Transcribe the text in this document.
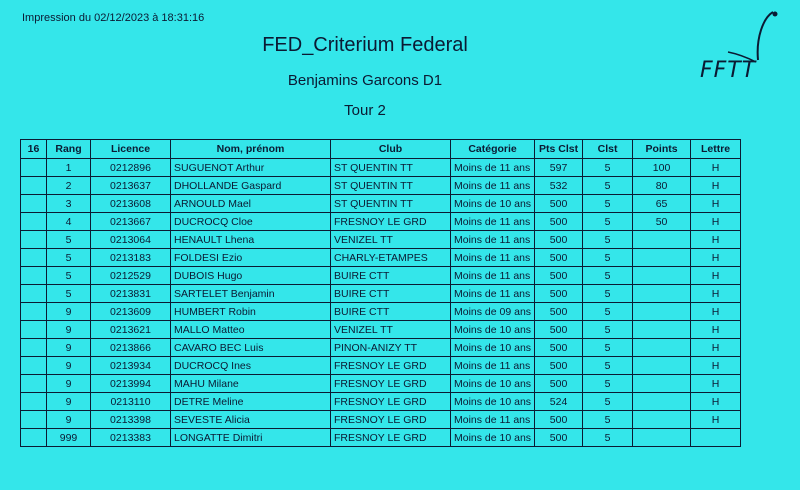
Impression du 02/12/2023 à 18:31:16
FED_Criterium Federal
Benjamins Garcons D1
Tour 2
FFTT
16	Rang	Licence	Nom, prénom	Club	Catégorie	Pts Clst	Clst	Points	Lettre
	1	0212896	SUGUENOT Arthur	ST QUENTIN TT	Moins de 11 ans	597	5	100	H
	2	0213637	DHOLLANDE Gaspard	ST QUENTIN TT	Moins de 11 ans	532	5	80	H
	3	0213608	ARNOULD Mael	ST QUENTIN TT	Moins de 10 ans	500	5	65	H
	4	0213667	DUCROCQ Cloe	FRESNOY LE GRD	Moins de 11 ans	500	5	50	H
	5	0213064	HENAULT Lhena	VENIZEL TT	Moins de 11 ans	500	5		H
	5	0213183	FOLDESI Ezio	CHARLY-ETAMPES	Moins de 11 ans	500	5		H
	5	0212529	DUBOIS Hugo	BUIRE CTT	Moins de 11 ans	500	5		H
	5	0213831	SARTELET Benjamin	BUIRE CTT	Moins de 11 ans	500	5		H
	9	0213609	HUMBERT Robin	BUIRE CTT	Moins de 09 ans	500	5		H
	9	0213621	MALLO Matteo	VENIZEL TT	Moins de 10 ans	500	5		H
	9	0213866	CAVARO BEC Luis	PINON-ANIZY TT	Moins de 10 ans	500	5		H
	9	0213934	DUCROCQ Ines	FRESNOY LE GRD	Moins de 11 ans	500	5		H
	9	0213994	MAHU Milane	FRESNOY LE GRD	Moins de 10 ans	500	5		H
	9	0213110	DETRE Meline	FRESNOY LE GRD	Moins de 10 ans	524	5		H
	9	0213398	SEVESTE Alicia	FRESNOY LE GRD	Moins de 11 ans	500	5		H
	999	0213383	LONGATTE Dimitri	FRESNOY LE GRD	Moins de 10 ans	500	5		
